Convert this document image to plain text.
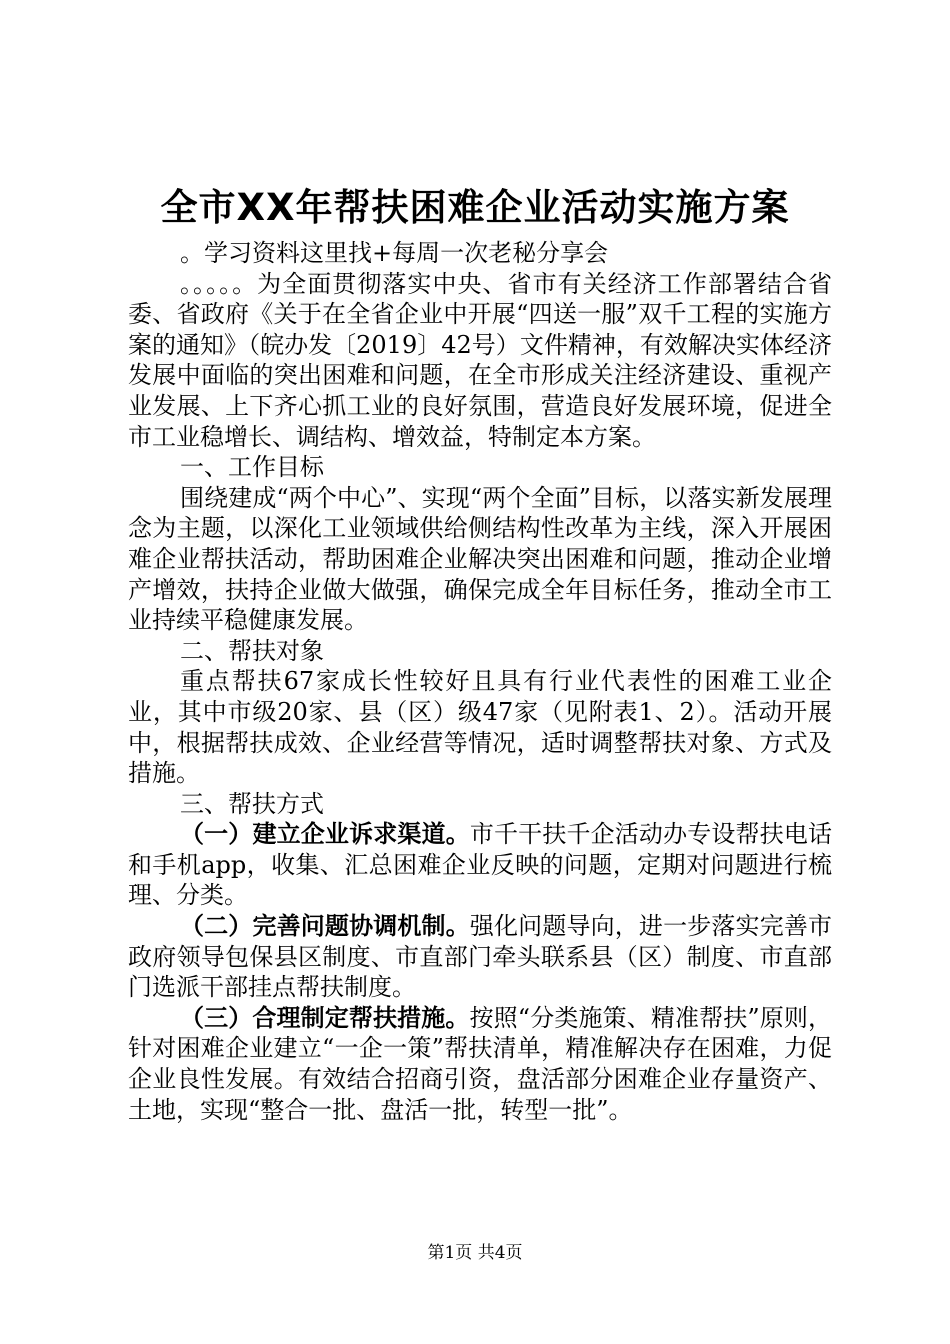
全市XX年帮扶困难企业活动实施方案

。学习资料这里找+每周一次老秘分享会

。。。。。为全面贯彻落实中央、省市有关经济工作部署结合省委、省政府《关于在全省企业中开展“四送一服”双千工程的实施方案的通知》（皖办发〔2019〕42号）文件精神，有效解决实体经济发展中面临的突出困难和问题，在全市形成关注经济建设、重视产业发展、上下齐心抓工业的良好氛围，营造良好发展环境，促进全市工业稳增长、调结构、增效益，特制定本方案。

一、工作目标

围绕建成“两个中心”、实现“两个全面”目标，以落实新发展理念为主题，以深化工业领域供给侧结构性改革为主线，深入开展困难企业帮扶活动，帮助困难企业解决突出困难和问题，推动企业增产增效，扶持企业做大做强，确保完成全年目标任务，推动全市工业持续平稳健康发展。

二、帮扶对象

重点帮扶67家成长性较好且具有行业代表性的困难工业企业，其中市级20家、县（区）级47家（见附表1、2）。活动开展中，根据帮扶成效、企业经营等情况，适时调整帮扶对象、方式及措施。

三、帮扶方式

（一）建立企业诉求渠道。市千干扶千企活动办专设帮扶电话和手机app，收集、汇总困难企业反映的问题，定期对问题进行梳理、分类。

（二）完善问题协调机制。强化问题导向，进一步落实完善市政府领导包保县区制度、市直部门牵头联系县（区）制度、市直部门选派干部挂点帮扶制度。

（三）合理制定帮扶措施。按照“分类施策、精准帮扶”原则，针对困难企业建立“一企一策”帮扶清单，精准解决存在困难，力促企业良性发展。有效结合招商引资，盘活部分困难企业存量资产、土地，实现“整合一批、盘活一批，转型一批”。

第1页 共4页
